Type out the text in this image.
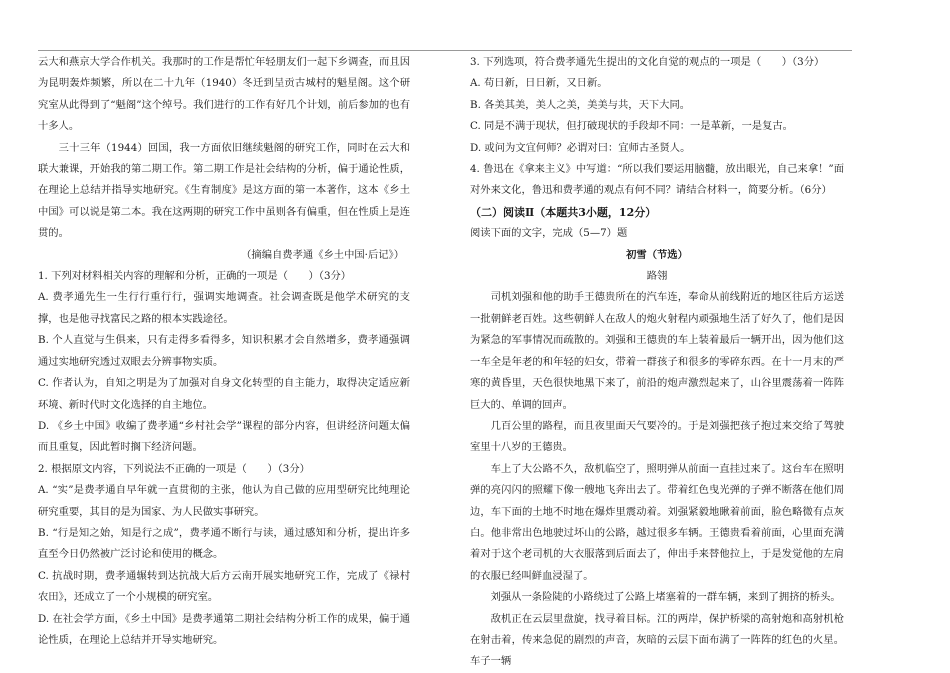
云大和燕京大学合作机关。我那时的工作是帮忙年轻朋友们一起下乡调查，而且因为昆明轰炸频繁，所以在二十九年（1940）冬迁到呈贡古城村的魁星阁。这个研究室从此得到了“魁阁”这个绰号。我们进行的工作有好几个计划，前后参加的也有十多人。

三十三年（1944）回国，我一方面依旧继续魁阁的研究工作，同时在云大和联大兼课，开始我的第二期工作。第二期工作是社会结构的分析，偏于通论性质，在理论上总结并指导实地研究。《生育制度》是这方面的第一本著作，这本《乡土中国》可以说是第二本。我在这两期的研究工作中虽则各有偏重，但在性质上是连贯的。

（摘编自费孝通《乡土中国·后记》）

1. 下列对材料相关内容的理解和分析，正确的一项是（　　）（3分）

A. 费孝通先生一生行行重行行，强调实地调查。社会调查既是他学术研究的支撑，也是他寻找富民之路的根本实践途径。

B. 个人直觉与生俱来，只有走得多看得多，知识积累才会自然增多，费孝通强调通过实地研究透过双眼去分辨事物实质。

C. 作者认为，自知之明是为了加强对自身文化转型的自主能力，取得决定适应新环境、新时代时文化选择的自主地位。

D. 《乡土中国》收编了费孝通“乡村社会学”课程的部分内容，但讲经济问题太偏而且重复，因此暂时搁下经济问题。

2. 根据原文内容，下列说法不正确的一项是（　　）（3分）

A. “实”是费孝通自早年就一直贯彻的主张，他认为自己做的应用型研究比纯理论研究重要，其目的是为国家、为人民做实事研究。

B. “行是知之始，知是行之成”，费孝通不断行与读，通过感知和分析，提出许多直至今日仍然被广泛讨论和使用的概念。

C. 抗战时期，费孝通辗转到达抗战大后方云南开展实地研究工作，完成了《禄村农田》，还成立了一个小规模的研究室。

D. 在社会学方面，《乡土中国》是费孝通第二期社会结构分析工作的成果，偏于通论性质，在理论上总结并开导实地研究。

3. 下列选项，符合费孝通先生提出的文化自觉的观点的一项是（　　）（3分）

A. 苟日新，日日新，又日新。

B. 各美其美，美人之美，美美与共，天下大同。

C. 同是不满于现状，但打破现状的手段却不同：一是革新，一是复古。

D. 或问为文宜何师？必谓对曰：宜师古圣贤人。

4. 鲁迅在《拿来主义》中写道：“所以我们要运用脑髓，放出眼光，自己来拿！”面对外来文化，鲁迅和费孝通的观点有何不同？请结合材料一，简要分析。（6分）

（二）阅读Ⅱ（本题共3小题，12分）

阅读下面的文字，完成（5—7）题

初雪（节选）

路翎

司机刘强和他的助手王德贵所在的汽车连，奉命从前线附近的地区往后方运送一批朝鲜老百姓。这些朝鲜人在敌人的炮火射程内顽强地生活了好久了，他们是因为紧急的军事情况而疏散的。刘强和王德贵的车上装着最后一辆开出，因为他们这一车全是年老的和年轻的妇女，带着一群孩子和很多的零碎东西。在十一月末的严寒的黄昏里，天色很快地黑下来了，前沿的炮声激烈起来了，山谷里震荡着一阵阵巨大的、单调的回声。

几百公里的路程，而且夜里面天气要冷的。于是刘强把孩子抱过来交给了驾驶室里十八岁的王德贵。

车上了大公路不久，敌机临空了，照明弹从前面一直挂过来了。这台车在照明弹的亮闪闪的照耀下像一艘地飞奔出去了。带着红色曳光弹的子弹不断落在他们周边，车下面的土地不时地在爆炸里震动着。刘强紧毅地瞅着前面，脸色略微有点灰白。他非常出色地驶过坏山的公路，越过很多车辆。王德贵看着前面，心里面充满着对于这个老司机的大衣服落到后面去了，伸出手来替他拉上，于是发觉他的左肩的衣服已经叫鲜血浸湿了。

刘强从一条险陡的小路绕过了公路上堵塞着的一群车辆，来到了拥挤的桥头。

敌机正在云层里盘旋，找寻着目标。江的两岸，保护桥梁的高射炮和高射机枪在射击着，传来急促的剧烈的声音，灰暗的云层下面布满了一阵阵的红色的火星。车子一辆
